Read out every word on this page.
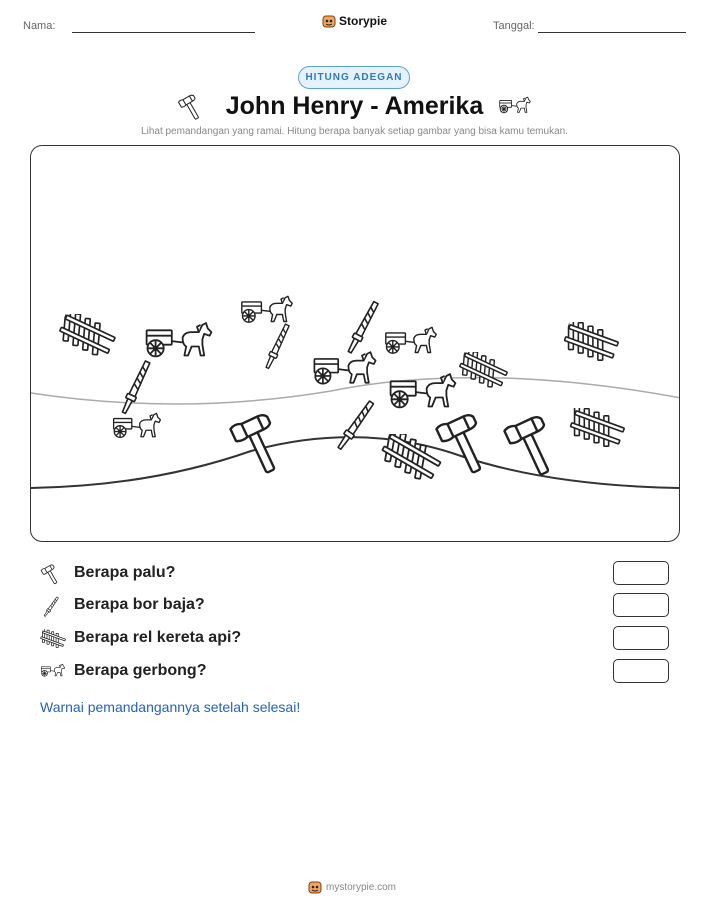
Nama:	Storypie	Tanggal:
HITUNG ADEGAN
John Henry - Amerika
Lihat pemandangan yang ramai. Hitung berapa banyak setiap gambar yang bisa kamu temukan.
Berapa palu?
Berapa bor baja?
Berapa rel kereta api?
Berapa gerbong?
Warnai pemandangannya setelah selesai!
mystorypie.com
